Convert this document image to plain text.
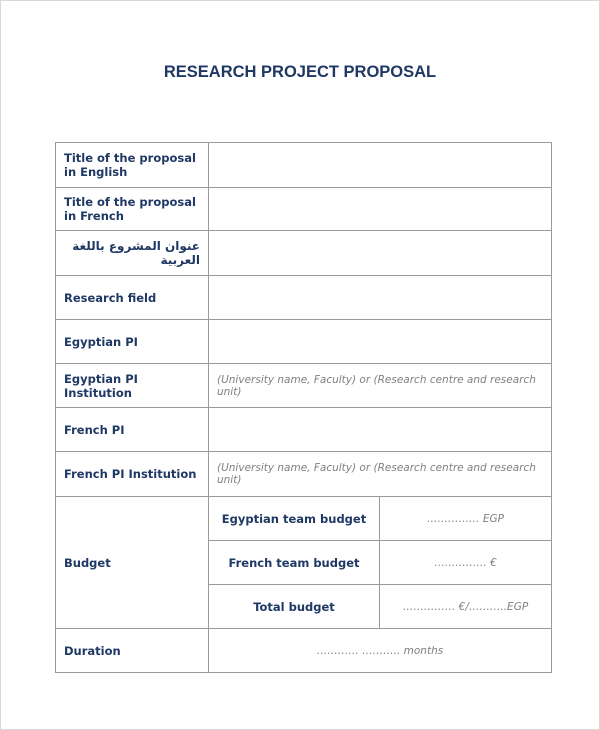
RESEARCH PROJECT PROPOSAL
Title of the proposal in English		
Title of the proposal in French		
عنوان المشروع باللغة العربية		
Research field		
Egyptian PI		
Egyptian PI Institution	(University name, Faculty) or (Research centre and research unit)	
French PI		
French PI Institution	(University name, Faculty) or (Research centre and research unit)	
Budget	Egyptian team budget	…………… EGP
	French team budget	…………… €
	Total budget	…………… €/………..EGP
Duration	………… ……….. months	
